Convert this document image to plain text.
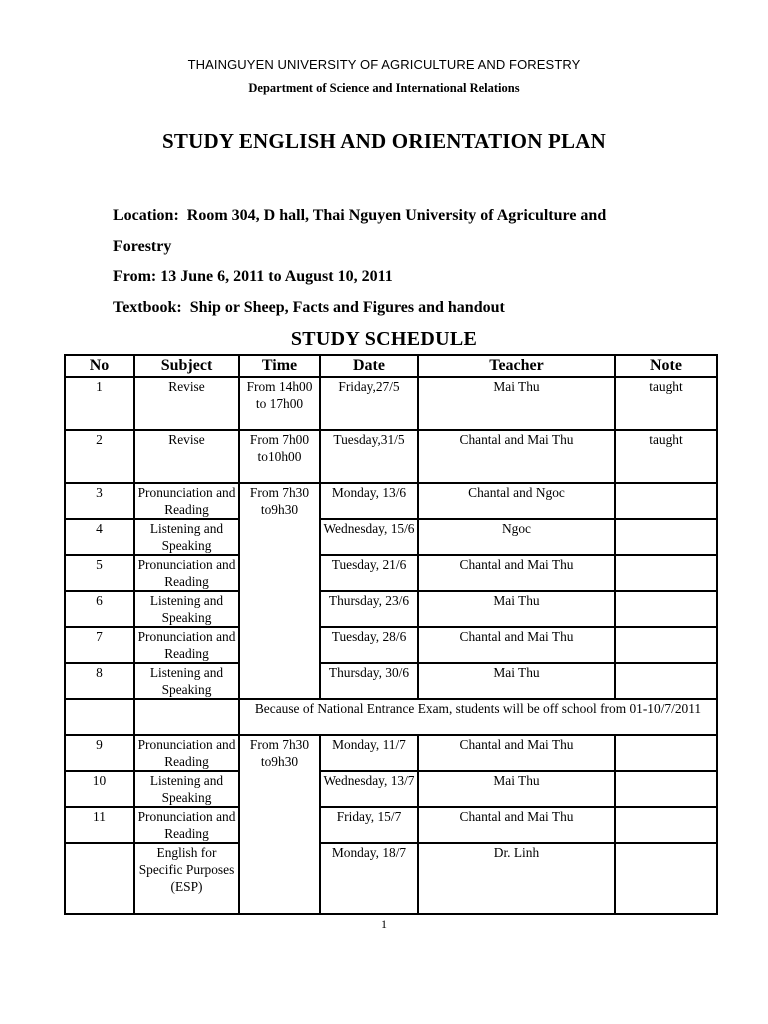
THAINGUYEN UNIVERSITY OF AGRICULTURE AND FORESTRY
Department of Science and International Relations
STUDY ENGLISH AND ORIENTATION PLAN
Location: Room 304, D hall, Thai Nguyen University of Agriculture and
Forestry
From: 13 June 6, 2011 to August 10, 2011
Textbook: Ship or Sheep, Facts and Figures and handout
STUDY SCHEDULE
No	Subject	Time	Date	Teacher	Note
1	Revise	From 14h00 to 17h00	Friday,27/5	Mai Thu	taught
2	Revise	From 7h00 to10h00	Tuesday,31/5	Chantal and Mai Thu	taught
3	Pronunciation and Reading	From 7h30 to9h30	Monday, 13/6	Chantal and Ngoc	
4	Listening and Speaking		Wednesday, 15/6	Ngoc	
5	Pronunciation and Reading		Tuesday, 21/6	Chantal and Mai Thu	
6	Listening and Speaking		Thursday, 23/6	Mai Thu	
7	Pronunciation and Reading		Tuesday, 28/6	Chantal and Mai Thu	
8	Listening and Speaking		Thursday, 30/6	Mai Thu	
		Because of National Entrance Exam, students will be off school from 01-10/7/2011			
9	Pronunciation and Reading	From 7h30 to9h30	Monday, 11/7	Chantal and Mai Thu	
10	Listening and Speaking		Wednesday, 13/7	Mai Thu	
11	Pronunciation and Reading		Friday, 15/7	Chantal and Mai Thu	
	English for Specific Purposes (ESP)		Monday, 18/7	Dr. Linh	
1
